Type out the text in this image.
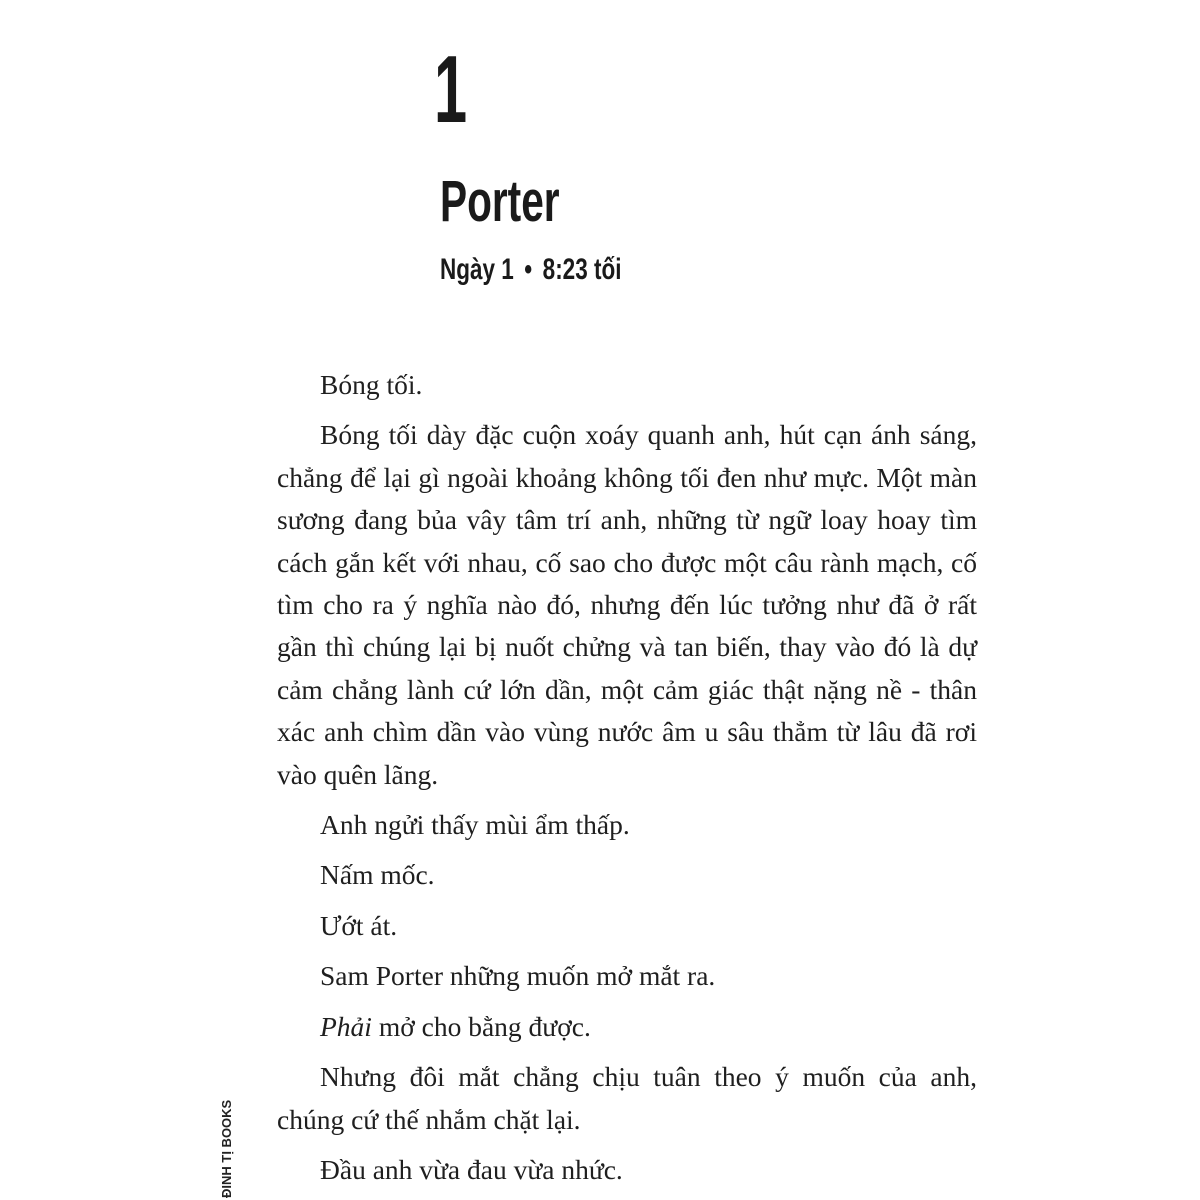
1
Porter
Ngày 1 • 8:23 tối

Bóng tối.

Bóng tối dày đặc cuộn xoáy quanh anh, hút cạn ánh sáng, chẳng để lại gì ngoài khoảng không tối đen như mực. Một màn sương đang bủa vây tâm trí anh, những từ ngữ loay hoay tìm cách gắn kết với nhau, cố sao cho được một câu rành mạch, cố tìm cho ra ý nghĩa nào đó, nhưng đến lúc tưởng như đã ở rất gần thì chúng lại bị nuốt chửng và tan biến, thay vào đó là dự cảm chẳng lành cứ lớn dần, một cảm giác thật nặng nề - thân xác anh chìm dần vào vùng nước âm u sâu thẳm từ lâu đã rơi vào quên lãng.

Anh ngửi thấy mùi ẩm thấp.

Nấm mốc.

Ướt át.

Sam Porter những muốn mở mắt ra.

Phải mở cho bằng được.

Nhưng đôi mắt chẳng chịu tuân theo ý muốn của anh, chúng cứ thế nhắm chặt lại.

Đầu anh vừa đau vừa nhức.

ĐINH TỊ BOOKS
